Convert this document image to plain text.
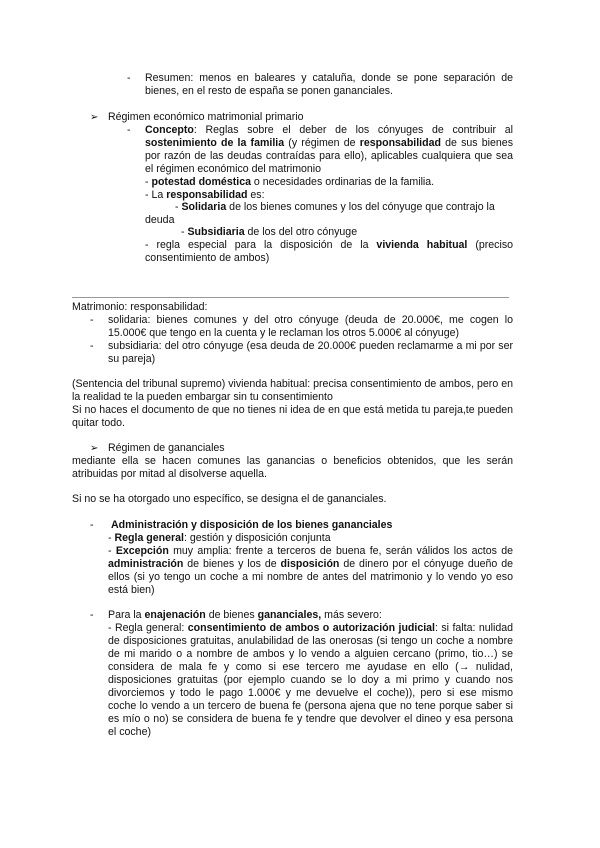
- Resumen: menos en baleares y cataluña, donde se pone separación de bienes, en el resto de españa se ponen gananciales.
➢ Régimen económico matrimonial primario
- Concepto: Reglas sobre el deber de los cónyuges de contribuir al sostenimiento de la familia (y régimen de responsabilidad de sus bienes por razón de las deudas contraídas para ello), aplicables cualquiera que sea el régimen económico del matrimonio
- potestad doméstica o necesidades ordinarias de la familia.
- La responsabilidad es:
- Solidaria de los bienes comunes y los del cónyuge que contrajo la deuda
- Subsidiaria de los del otro cónyuge
- regla especial para la disposición de la vivienda habitual (preciso consentimiento de ambos)
Matrimonio: responsabilidad:
- solidaria: bienes comunes y del otro cónyuge (deuda de 20.000€, me cogen lo 15.000€ que tengo en la cuenta y le reclaman los otros 5.000€ al cónyuge)
- subsidiaria: del otro cónyuge (esa deuda de 20.000€ pueden reclamarme a mi por ser su pareja)
(Sentencia del tribunal supremo) vivienda habitual: precisa consentimiento de ambos, pero en la realidad te la pueden embargar sin tu consentimiento
Si no haces el documento de que no tienes ni idea de en que está metida tu pareja,te pueden quitar todo.
➢ Régimen de gananciales
mediante ella se hacen comunes las ganancias o beneficios obtenidos, que les serán atribuidas por mitad al disolverse aquella.
Si no se ha otorgado uno específico, se designa el de gananciales.
- Administración y disposición de los bienes gananciales
- Regla general: gestión y disposición conjunta
- Excepción muy amplia: frente a terceros de buena fe, serán válidos los actos de administración de bienes y los de disposición de dinero por el cónyuge dueño de ellos (si yo tengo un coche a mi nombre de antes del matrimonio y lo vendo yo eso está bien)
- Para la enajenación de bienes gananciales, más severo:
- Regla general: consentimiento de ambos o autorización judicial: si falta: nulidad de disposiciones gratuitas, anulabilidad de las onerosas (si tengo un coche a nombre de mi marido o a nombre de ambos y lo vendo a alguien cercano (primo, tio…) se considera de mala fe y como si ese tercero me ayudase en ello (→ nulidad, disposiciones gratuitas (por ejemplo cuando se lo doy a mi primo y cuando nos divorciemos y todo le pago 1.000€ y me devuelve el coche)), pero si ese mismo coche lo vendo a un tercero de buena fe (persona ajena que no tene porque saber si es mío o no) se considera de buena fe y tendre que devolver el dineo y esa persona el coche)
